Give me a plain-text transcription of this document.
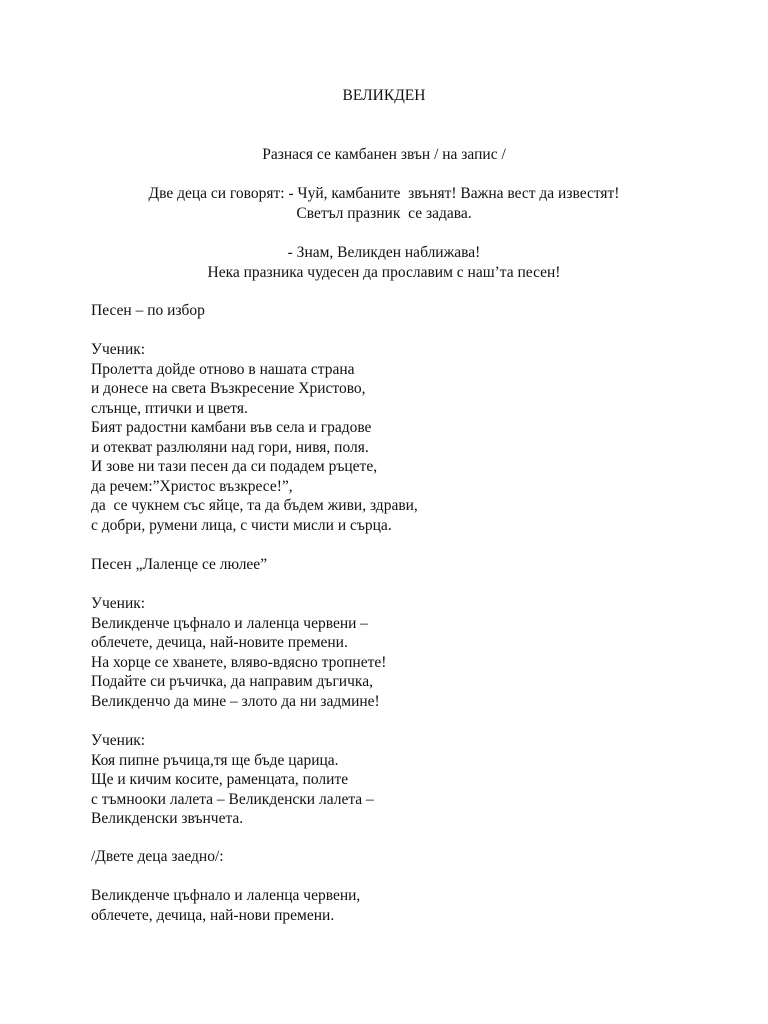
ВЕЛИКДЕН
Разнася се камбанен звън / на запис /
Две деца си говорят: - Чуй, камбаните  звънят! Важна вест да известят!
Светъл празник  се задава.
- Знам, Великден наближава!
Нека празника чудесен да прославим с наш’та песен!
Песен – по избор
Ученик:
Пролетта дойде отново в нашата страна
и донесе на света Възкресение Христово,
слънце, птички и цветя.
Бият радостни камбани във села и градове
и отекват разлюляни над гори, нивя, поля.
И зове ни тази песен да си подадем ръцете,
да речем:”Христос възкресе!”,
да  се чукнем със яйце, та да бъдем живи, здрави,
с добри, румени лица, с чисти мисли и сърца.
Песен „Лаленце се люлее”
Ученик:
Великденче цъфнало и лаленца червени –
облечете, дечица, най-новите премени.
На хорце се хванете, вляво-вдясно тропнете!
Подайте си ръчичка, да направим дъгичка,
Великденчо да мине – злото да ни задмине!
Ученик:
Коя пипне ръчица,тя ще бъде царица.
Ще и кичим косите, раменцата, полите
с тъмнооки лалета – Великденски лалета –
Великденски звънчета.
/Двете деца заедно/:
Великденче цъфнало и лаленца червени,
облечете, дечица, най-нови премени.
